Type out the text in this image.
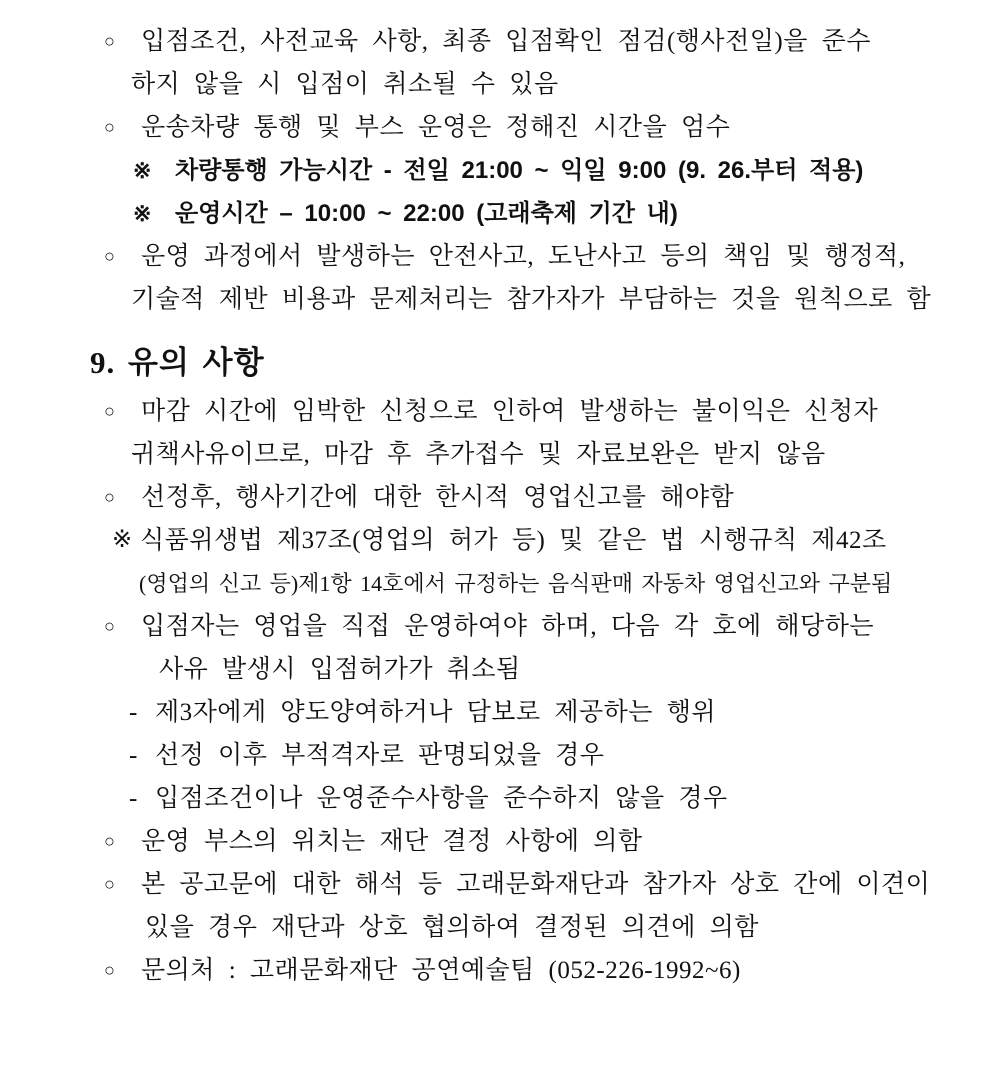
○	입점조건, 사전교육 사항, 최종 입점확인 점검(행사전일)을 준수
하지 않을 시 입점이 취소될 수 있음
○	운송차량 통행 및 부스 운영은 정해진 시간을 엄수
※ 차량통행 가능시간 - 전일 21:00 ~ 익일 9:00 (9. 26.부터 적용)
※ 운영시간 – 10:00 ~ 22:00 (고래축제 기간 내)
○	운영 과정에서 발생하는 안전사고, 도난사고 등의 책임 및 행정적,
기술적 제반 비용과 문제처리는 참가자가 부담하는 것을 원칙으로 함
9. 유의 사항
○	마감 시간에 임박한 신청으로 인하여 발생하는 불이익은 신청자
귀책사유이므로, 마감 후 추가접수 및 자료보완은 받지 않음
○	선정후, 행사기간에 대한 한시적 영업신고를 해야함
※ 식품위생법 제37조(영업의 허가 등) 및 같은 법 시행규칙 제42조
(영업의 신고 등)제1항 14호에서 규정하는 음식판매 자동차 영업신고와 구분됨
○	입점자는 영업을 직접 운영하여야 하며, 다음 각 호에 해당하는
사유 발생시 입점허가가 취소됨
- 제3자에게 양도양여하거나 담보로 제공하는 행위
- 선정 이후 부적격자로 판명되었을 경우
- 입점조건이나 운영준수사항을 준수하지 않을 경우
○	운영 부스의 위치는 재단 결정 사항에 의함
○	본 공고문에 대한 해석 등 고래문화재단과 참가자 상호 간에 이견이
있을 경우 재단과 상호 협의하여 결정된 의견에 의함
○	문의처 : 고래문화재단 공연예술팀 (052-226-1992~6)
